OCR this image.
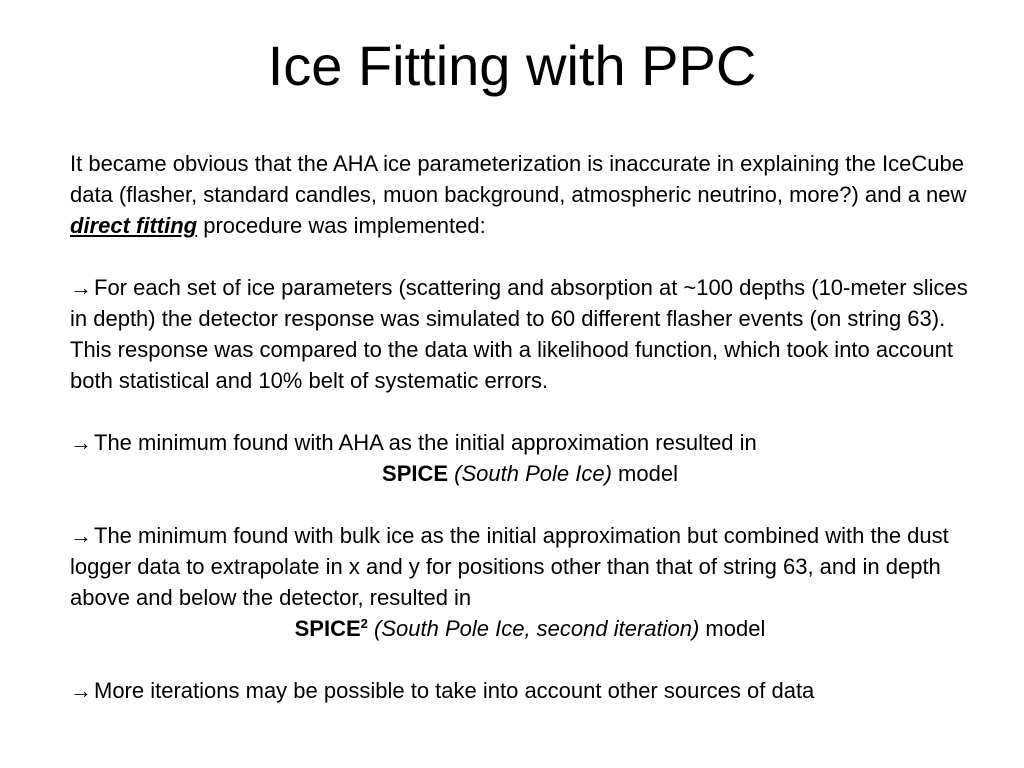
Ice Fitting with PPC

It became obvious that the AHA ice parameterization is inaccurate in explaining the IceCube data (flasher, standard candles, muon background, atmospheric neutrino, more?) and a new direct fitting procedure was implemented:

→For each set of ice parameters (scattering and absorption at ~100 depths (10-meter slices in depth) the detector response was simulated to 60 different flasher events (on string 63). This response was compared to the data with a likelihood function, which took into account both statistical and 10% belt of systematic errors.

→The minimum found with AHA as the initial approximation resulted in

SPICE (South Pole Ice) model

→The minimum found with bulk ice as the initial approximation but combined with the dust logger data to extrapolate in x and y for positions other than that of string 63, and in depth above and below the detector, resulted in

SPICE$^2$ (South Pole Ice, second iteration) model

→More iterations may be possible to take into account other sources of data
